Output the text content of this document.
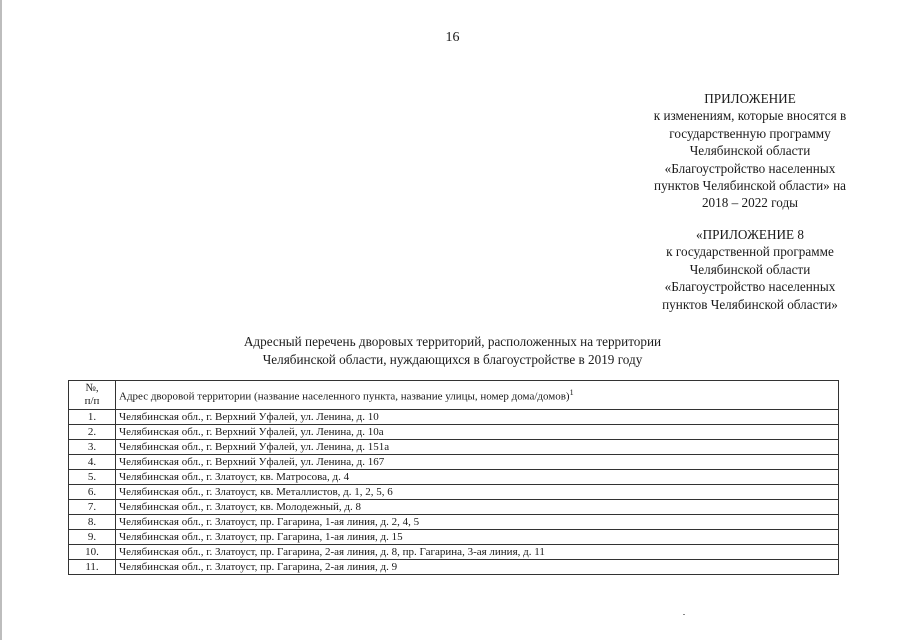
16
ПРИЛОЖЕНИЕ
к изменениям, которые вносятся в
государственную программу
Челябинской области
«Благоустройство населенных
пунктов Челябинской области» на
2018 – 2022 годы
«ПРИЛОЖЕНИЕ 8
к государственной программе
Челябинской области
«Благоустройство населенных
пунктов Челябинской области»
Адресный перечень дворовых территорий, расположенных на территории
Челябинской области, нуждающихся в благоустройстве в 2019 году
№,
п/п	Адрес дворовой территории (название населенного пункта, название улицы, номер дома/домов)$^1$
1.	Челябинская обл., г. Верхний Уфалей, ул. Ленина, д. 10
2.	Челябинская обл., г. Верхний Уфалей, ул. Ленина, д. 10а
3.	Челябинская обл., г. Верхний Уфалей, ул. Ленина, д. 151а
4.	Челябинская обл., г. Верхний Уфалей, ул. Ленина, д. 167
5.	Челябинская обл., г. Златоуст, кв. Матросова, д. 4
6.	Челябинская обл., г. Златоуст, кв. Металлистов, д. 1, 2, 5, 6
7.	Челябинская обл., г. Златоуст, кв. Молодежный, д. 8
8.	Челябинская обл., г. Златоуст, пр. Гагарина, 1-ая линия, д. 2, 4, 5
9.	Челябинская обл., г. Златоуст, пр. Гагарина, 1-ая линия, д. 15
10.	Челябинская обл., г. Златоуст, пр. Гагарина, 2-ая линия, д. 8, пр. Гагарина, 3-ая линия, д. 11
11.	Челябинская обл., г. Златоуст, пр. Гагарина, 2-ая линия, д. 9
